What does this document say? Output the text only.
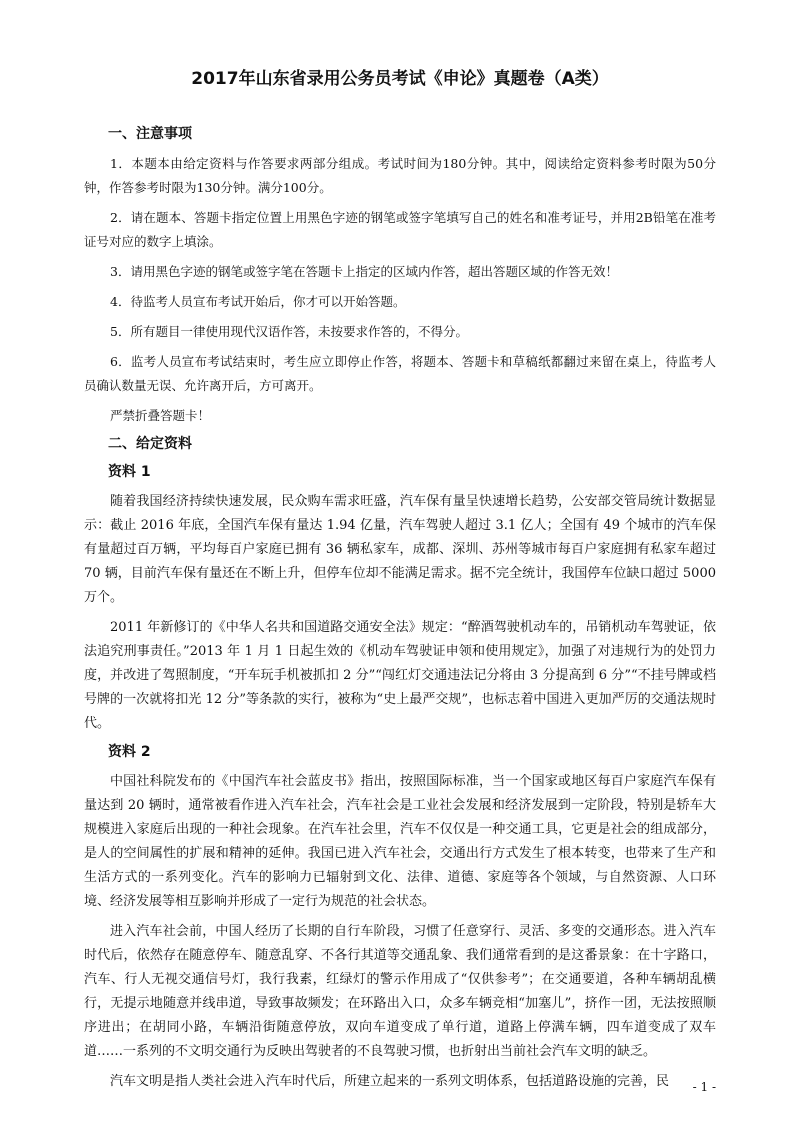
2017年山东省录用公务员考试《申论》真题卷（A类）
一、注意事项

1．本题本由给定资料与作答要求两部分组成。考试时间为180分钟。其中，阅读给定资料参考时限为50分钟，作答参考时限为130分钟。满分100分。

2．请在题本、答题卡指定位置上用黑色字迹的钢笔或签字笔填写自己的姓名和准考证号，并用2B铅笔在准考证号对应的数字上填涂。

3．请用黑色字迹的钢笔或签字笔在答题卡上指定的区域内作答，超出答题区域的作答无效！

4．待监考人员宣布考试开始后，你才可以开始答题。

5．所有题目一律使用现代汉语作答，未按要求作答的，不得分。

6．监考人员宣布考试结束时，考生应立即停止作答，将题本、答题卡和草稿纸都翻过来留在桌上，待监考人员确认数量无误、允许离开后，方可离开。

严禁折叠答题卡！

二、给定资料
资料 1

随着我国经济持续快速发展，民众购车需求旺盛，汽车保有量呈快速增长趋势，公安部交管局统计数据显示：截止 2016 年底，全国汽车保有量达 1.94 亿量，汽车驾驶人超过 3.1 亿人；全国有 49 个城市的汽车保有量超过百万辆，平均每百户家庭已拥有 36 辆私家车，成都、深圳、苏州等城市每百户家庭拥有私家车超过 70 辆，目前汽车保有量还在不断上升，但停车位却不能满足需求。据不完全统计，我国停车位缺口超过 5000 万个。

2011 年新修订的《中华人名共和国道路交通安全法》规定：“醉酒驾驶机动车的，吊销机动车驾驶证，依法追究刑事责任。”2013 年 1 月 1 日起生效的《机动车驾驶证申领和使用规定》，加强了对违规行为的处罚力度，并改进了驾照制度，“开车玩手机被抓扣 2 分”“闯红灯交通违法记分将由 3 分提高到 6 分”“不挂号牌或档号牌的一次就将扣光 12 分”等条款的实行，被称为“史上最严交规”，也标志着中国进入更加严厉的交通法规时代。

资料 2

中国社科院发布的《中国汽车社会蓝皮书》指出，按照国际标准，当一个国家或地区每百户家庭汽车保有量达到 20 辆时，通常被看作进入汽车社会，汽车社会是工业社会发展和经济发展到一定阶段，特别是轿车大规模进入家庭后出现的一种社会现象。在汽车社会里，汽车不仅仅是一种交通工具，它更是社会的组成部分，是人的空间属性的扩展和精神的延伸。我国已进入汽车社会，交通出行方式发生了根本转变，也带来了生产和生活方式的一系列变化。汽车的影响力已辐射到文化、法律、道德、家庭等各个领域，与自然资源、人口环境、经济发展等相互影响并形成了一定行为规范的社会状态。

进入汽车社会前，中国人经历了长期的自行车阶段，习惯了任意穿行、灵活、多变的交通形态。进入汽车时代后，依然存在随意停车、随意乱穿、不各行其道等交通乱象、我们通常看到的是这番景象：在十字路口，汽车、行人无视交通信号灯，我行我素，红绿灯的警示作用成了“仅供参考”；在交通要道，各种车辆胡乱横行，无提示地随意并线串道，导致事故频发；在环路出入口，众多车辆竞相“加塞儿”，挤作一团，无法按照顺序进出；在胡同小路，车辆沿街随意停放，双向车道变成了单行道，道路上停满车辆，四车道变成了双车道……一系列的不文明交通行为反映出驾驶者的不良驾驶习惯，也折射出当前社会汽车文明的缺乏。

汽车文明是指人类社会进入汽车时代后，所建立起来的一系列文明体系，包括道路设施的完善，民	- 1 -
